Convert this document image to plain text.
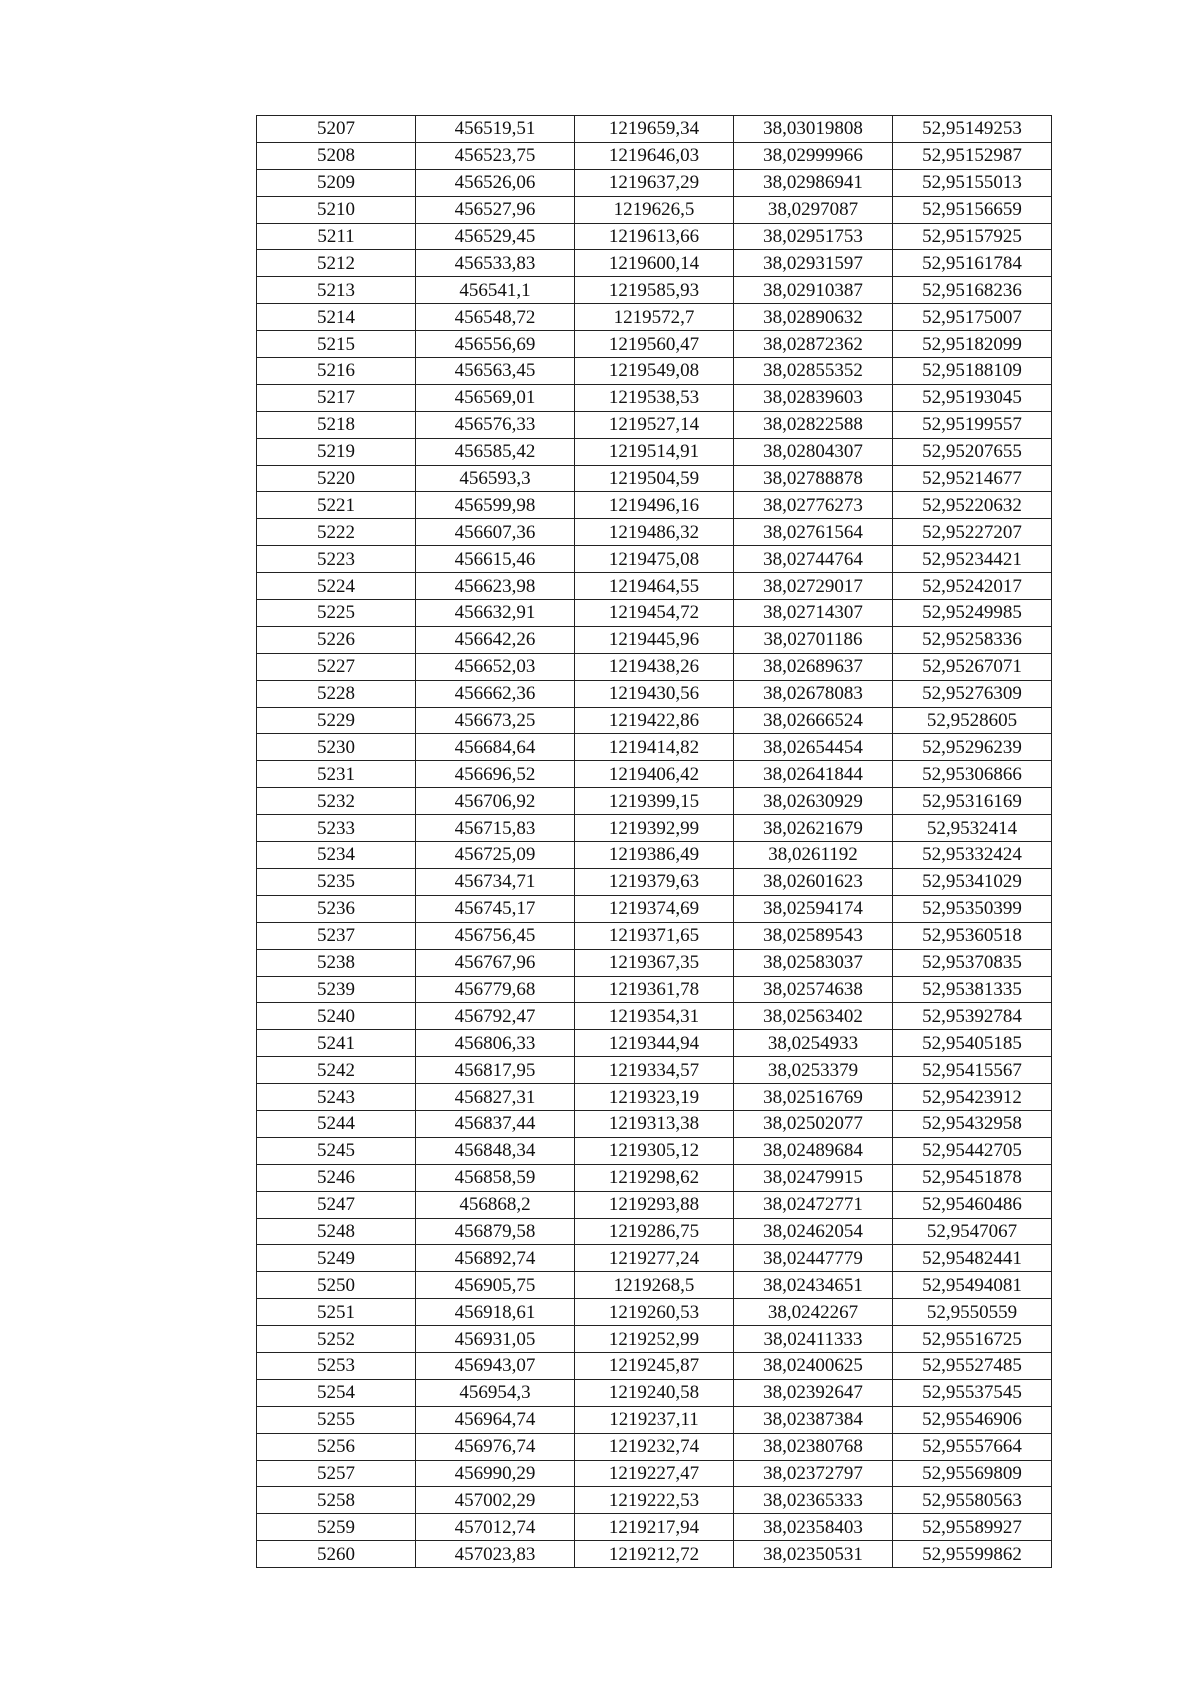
5207	456519,51	1219659,34	38,03019808	52,95149253
5208	456523,75	1219646,03	38,02999966	52,95152987
5209	456526,06	1219637,29	38,02986941	52,95155013
5210	456527,96	1219626,5	38,0297087	52,95156659
5211	456529,45	1219613,66	38,02951753	52,95157925
5212	456533,83	1219600,14	38,02931597	52,95161784
5213	456541,1	1219585,93	38,02910387	52,95168236
5214	456548,72	1219572,7	38,02890632	52,95175007
5215	456556,69	1219560,47	38,02872362	52,95182099
5216	456563,45	1219549,08	38,02855352	52,95188109
5217	456569,01	1219538,53	38,02839603	52,95193045
5218	456576,33	1219527,14	38,02822588	52,95199557
5219	456585,42	1219514,91	38,02804307	52,95207655
5220	456593,3	1219504,59	38,02788878	52,95214677
5221	456599,98	1219496,16	38,02776273	52,95220632
5222	456607,36	1219486,32	38,02761564	52,95227207
5223	456615,46	1219475,08	38,02744764	52,95234421
5224	456623,98	1219464,55	38,02729017	52,95242017
5225	456632,91	1219454,72	38,02714307	52,95249985
5226	456642,26	1219445,96	38,02701186	52,95258336
5227	456652,03	1219438,26	38,02689637	52,95267071
5228	456662,36	1219430,56	38,02678083	52,95276309
5229	456673,25	1219422,86	38,02666524	52,9528605
5230	456684,64	1219414,82	38,02654454	52,95296239
5231	456696,52	1219406,42	38,02641844	52,95306866
5232	456706,92	1219399,15	38,02630929	52,95316169
5233	456715,83	1219392,99	38,02621679	52,9532414
5234	456725,09	1219386,49	38,0261192	52,95332424
5235	456734,71	1219379,63	38,02601623	52,95341029
5236	456745,17	1219374,69	38,02594174	52,95350399
5237	456756,45	1219371,65	38,02589543	52,95360518
5238	456767,96	1219367,35	38,02583037	52,95370835
5239	456779,68	1219361,78	38,02574638	52,95381335
5240	456792,47	1219354,31	38,02563402	52,95392784
5241	456806,33	1219344,94	38,0254933	52,95405185
5242	456817,95	1219334,57	38,0253379	52,95415567
5243	456827,31	1219323,19	38,02516769	52,95423912
5244	456837,44	1219313,38	38,02502077	52,95432958
5245	456848,34	1219305,12	38,02489684	52,95442705
5246	456858,59	1219298,62	38,02479915	52,95451878
5247	456868,2	1219293,88	38,02472771	52,95460486
5248	456879,58	1219286,75	38,02462054	52,9547067
5249	456892,74	1219277,24	38,02447779	52,95482441
5250	456905,75	1219268,5	38,02434651	52,95494081
5251	456918,61	1219260,53	38,0242267	52,9550559
5252	456931,05	1219252,99	38,02411333	52,95516725
5253	456943,07	1219245,87	38,02400625	52,95527485
5254	456954,3	1219240,58	38,02392647	52,95537545
5255	456964,74	1219237,11	38,02387384	52,95546906
5256	456976,74	1219232,74	38,02380768	52,95557664
5257	456990,29	1219227,47	38,02372797	52,95569809
5258	457002,29	1219222,53	38,02365333	52,95580563
5259	457012,74	1219217,94	38,02358403	52,95589927
5260	457023,83	1219212,72	38,02350531	52,95599862
